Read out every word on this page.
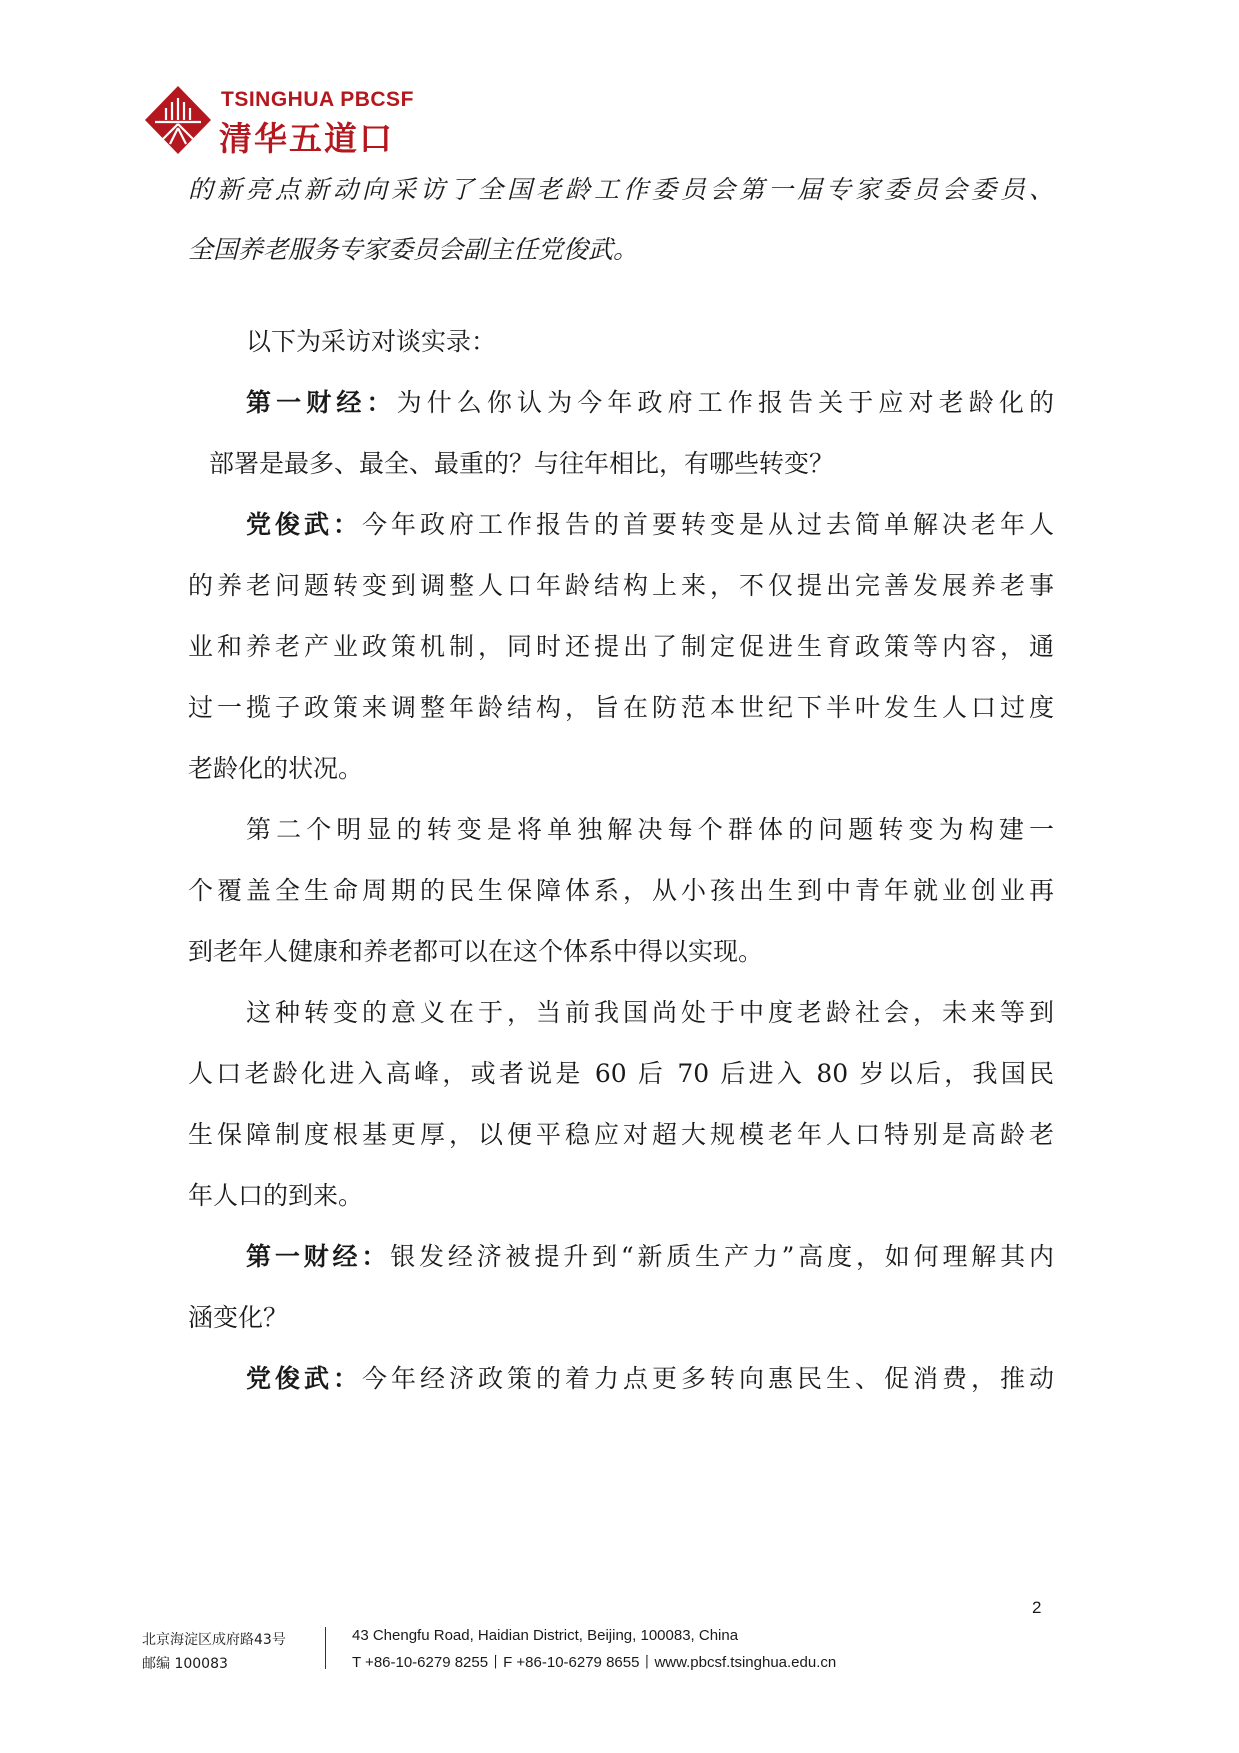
TSINGHUA PBCSF
清华五道口
的新亮点新动向采访了全国老龄工作委员会第一届专家委员会委员、
全国养老服务专家委员会副主任党俊武。
以下为采访对谈实录：
第一财经：为什么你认为今年政府工作报告关于应对老龄化的
部署是最多、最全、最重的？与往年相比，有哪些转变？
党俊武：今年政府工作报告的首要转变是从过去简单解决老年人
的养老问题转变到调整人口年龄结构上来，不仅提出完善发展养老事
业和养老产业政策机制，同时还提出了制定促进生育政策等内容，通
过一揽子政策来调整年龄结构，旨在防范本世纪下半叶发生人口过度
老龄化的状况。
第二个明显的转变是将单独解决每个群体的问题转变为构建一
个覆盖全生命周期的民生保障体系，从小孩出生到中青年就业创业再
到老年人健康和养老都可以在这个体系中得以实现。
这种转变的意义在于，当前我国尚处于中度老龄社会，未来等到
人口老龄化进入高峰，或者说是 60 后 70 后进入 80 岁以后，我国民
生保障制度根基更厚，以便平稳应对超大规模老年人口特别是高龄老
年人口的到来。
第一财经：银发经济被提升到“新质生产力”高度，如何理解其内
涵变化？
党俊武：今年经济政策的着力点更多转向惠民生、促消费，推动
2
北京海淀区成府路43号
邮编 100083
43 Chengfu Road, Haidian District, Beijing, 100083, China
T +86-10-6279 8255丨F +86-10-6279 8655丨www.pbcsf.tsinghua.edu.cn
